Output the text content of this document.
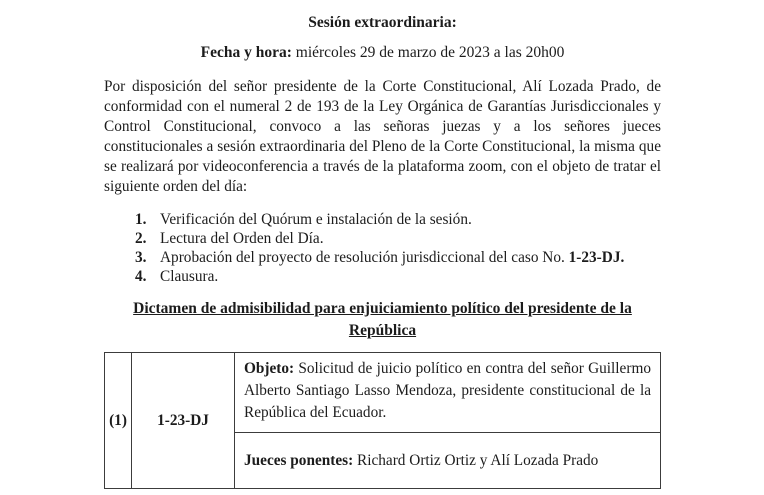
Sesión extraordinaria:
Fecha y hora: miércoles 29 de marzo de 2023 a las 20h00
Por disposición del señor presidente de la Corte Constitucional, Alí Lozada Prado, de conformidad con el numeral 2 de 193 de la Ley Orgánica de Garantías Jurisdiccionales y Control Constitucional, convoco a las señoras juezas y a los señores jueces constitucionales a sesión extraordinaria del Pleno de la Corte Constitucional, la misma que se realizará por videoconferencia a través de la plataforma zoom, con el objeto de tratar el siguiente orden del día:
1. Verificación del Quórum e instalación de la sesión.
2. Lectura del Orden del Día.
3. Aprobación del proyecto de resolución jurisdiccional del caso No. 1-23-DJ.
4. Clausura.
Dictamen de admisibilidad para enjuiciamiento político del presidente de la República
(1)	1-23-DJ	Objeto: Solicitud de juicio político en contra del señor Guillermo Alberto Santiago Lasso Mendoza, presidente constitucional de la República del Ecuador.
Jueces ponentes: Richard Ortiz Ortiz y Alí Lozada Prado
